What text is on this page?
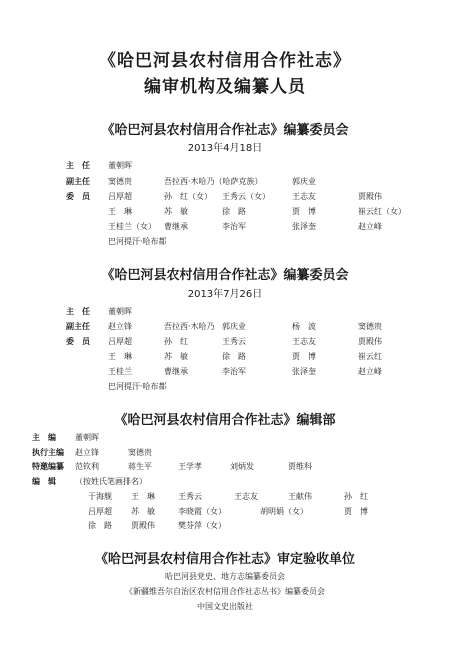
《哈巴河县农村信用合作社志》
编审机构及编纂人员
《哈巴河县农村信用合作社志》编纂委员会
2013年4月18日
主　任 董朝晖
副主任 窦德贵	吾拉西·木哈乃（哈萨克族）	郭庆业
委　员 吕厚超	孙　红（女） 王秀云（女）	王志友	贾殿伟
王　琳	苏　敏	徐　路	贾　博	崔云红（女）
王桂兰（女） 曹继承	李治军	张泽奎	赵立峰
巴河提汗·哈布都
《哈巴河县农村信用合作社志》编纂委员会
2013年7月26日
主　任 董朝晖
副主任 赵立锋	吾拉西·木哈乃 郭庆业	杨　波	窦德贵
委　员 吕厚超	孙　红	王秀云	王志友	贾殿伟
王　琳	苏　敏	徐　路	贾　博	崔云红
王桂兰	曹继承	李治军	张泽奎	赵立峰
巴河提汗·哈布都
《哈巴河县农村信用合作社志》编辑部
主　编 董朝晖
执行主编 赵立锋	窦德贵
特邀编纂 范钦利	蒋生平	王学孝	刘炳发	贾维科
编　辑 （按姓氏笔画排名）
于海舰 王　琳	王秀云	王志友	王献伟	孙　红
吕厚超 苏　敏	李晓霞（女）	胡明娟（女）	贾　博
徐　路 贾殿伟	樊芬萍（女）
《哈巴河县农村信用合作社志》审定验收单位
哈巴河县党史、地方志编纂委员会
《新疆维吾尔自治区农村信用合作社志丛书》编纂委员会
中国文史出版社
